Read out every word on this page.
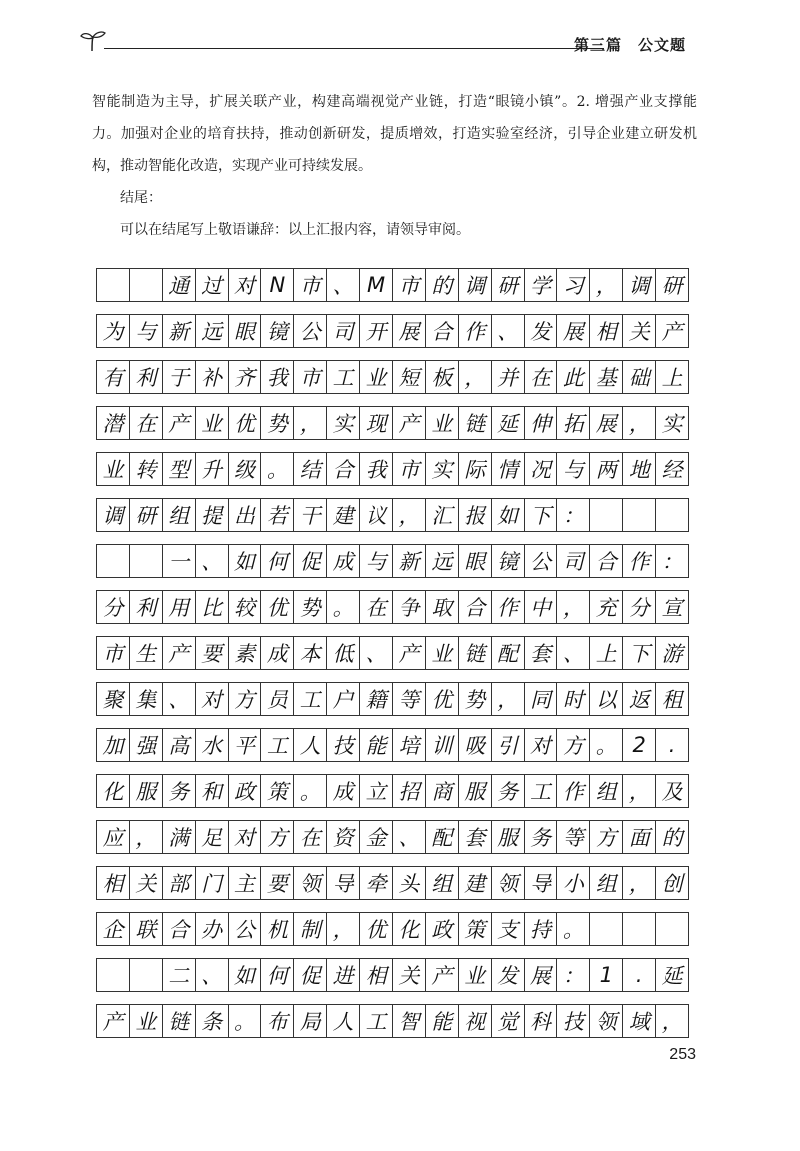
第三篇　公文题

智能制造为主导，扩展关联产业，构建高端视觉产业链，打造“眼镜小镇”。2. 增强产业支撑能力。加强对企业的培育扶持，推动创新研发，提质增效，打造实验室经济，引导企业建立研发机构，推动智能化改造，实现产业可持续发展。

结尾：

可以在结尾写上敬语谦辞：以上汇报内容，请领导审阅。

通 过 对 N 市 、 M 市 的 调 研 学 习 ， 调 研
为 与 新 远 眼 镜 公 司 开 展 合 作 、 发 展 相 关 产
有 利 于 补 齐 我 市 工 业 短 板 ， 并 在 此 基 础 上
潜 在 产 业 优 势 ， 实 现 产 业 链 延 伸 拓 展 ， 实
业 转 型 升 级 。 结 合 我 市 实 际 情 况 与 两 地 经
调 研 组 提 出 若 干 建 议 ， 汇 报 如 下 ：
一 、 如 何 促 成 与 新 远 眼 镜 公 司 合 作 ：
分 利 用 比 较 优 势 。 在 争 取 合 作 中 ， 充 分 宣
市 生 产 要 素 成 本 低 、 产 业 链 配 套 、 上 下 游
聚 集 、 对 方 员 工 户 籍 等 优 势 ， 同 时 以 返 租
加 强 高 水 平 工 人 技 能 培 训 吸 引 对 方 。 2	.
化 服 务 和 政 策 。 成 立 招 商 服 务 工 作 组 ， 及
应 ， 满 足 对 方 在 资 金 、 配 套 服 务 等 方 面 的
相 关 部 门 主 要 领 导 牵 头 组 建 领 导 小 组 ， 创
企 联 合 办 公 机 制 ， 优 化 政 策 支 持 。
二 、 如 何 促 进 相 关 产 业 发 展 ： 1	. 延
产 业 链 条 。 布 局 人 工 智 能 视 觉 科 技 领 域 ，
253
